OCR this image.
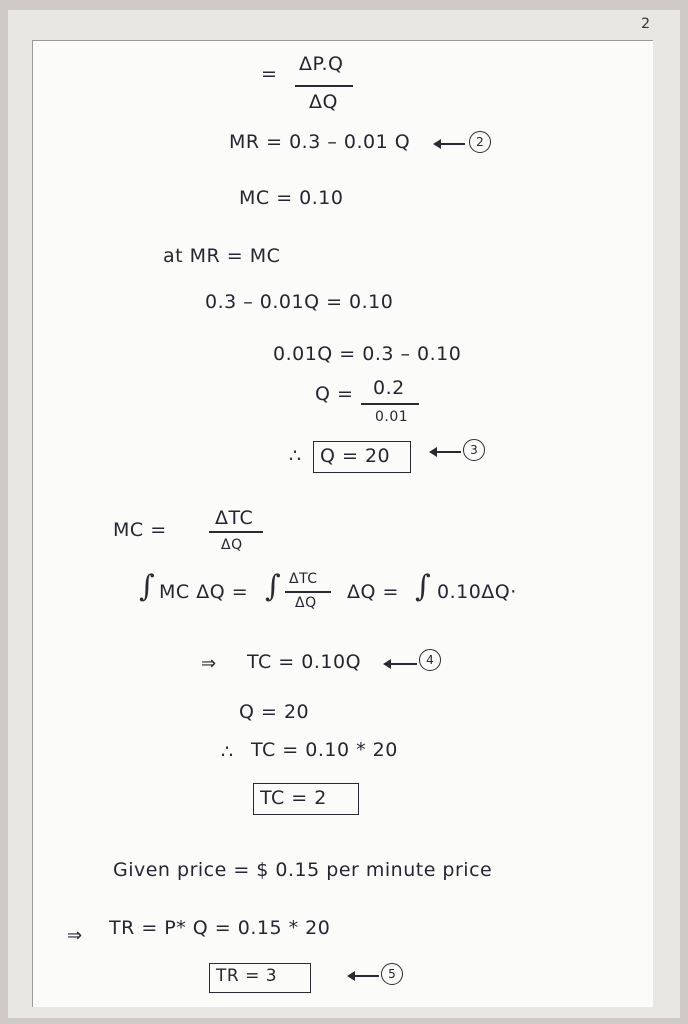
2
= ΔP.Q
ΔQ
MR = 0.3 – 0.01 Q	2
MC = 0.10
at MR = MC
0.3 – 0.01Q = 0.10
0.01Q = 0.3 – 0.10
Q = 0.2
0.01
∴ Q = 20	3
MC =
ΔTC
ΔQ
∫ MC ΔQ = ∫ ΔTC
ΔQ ΔQ = ∫ 0.10ΔQ·
⇒ TC = 0.10Q	4
Q = 20
∴ TC = 0.10 * 20
TC = 2
Given price = $ 0.15 per minute price
⇒ TR = P* Q = 0.15 * 20
TR = 3	5
